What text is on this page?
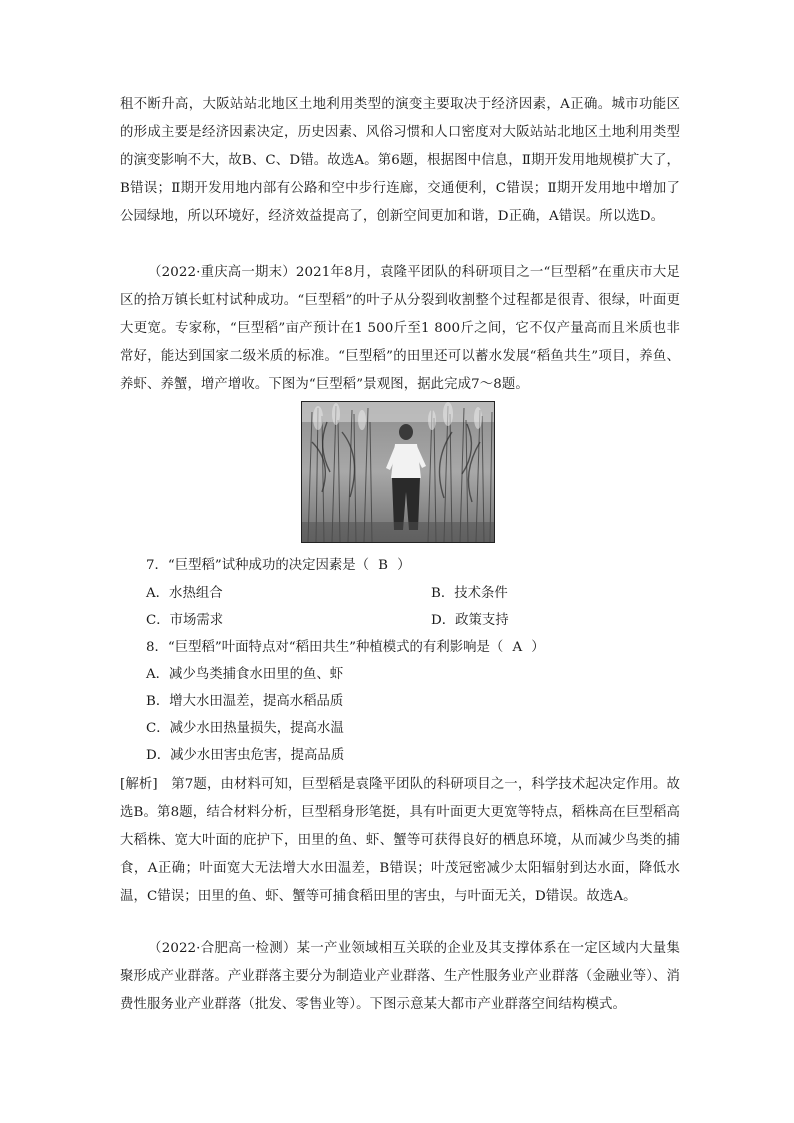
租不断升高，大阪站站北地区土地利用类型的演变主要取决于经济因素，A正确。城市功能区的形成主要是经济因素决定，历史因素、风俗习惯和人口密度对大阪站站北地区土地利用类型的演变影响不大，故B、C、D错。故选A。第6题，根据图中信息，Ⅱ期开发用地规模扩大了，B错误；Ⅱ期开发用地内部有公路和空中步行连廊，交通便利，C错误；Ⅱ期开发用地中增加了公园绿地，所以环境好，经济效益提高了，创新空间更加和谐，D正确，A错误。所以选D。

（2022·重庆高一期末）2021年8月，袁隆平团队的科研项目之一“巨型稻”在重庆市大足区的拾万镇长虹村试种成功。“巨型稻”的叶子从分裂到收割整个过程都是很青、很绿，叶面更大更宽。专家称，“巨型稻”亩产预计在1 500斤至1 800斤之间，它不仅产量高而且米质也非常好，能达到国家二级米质的标准。“巨型稻”的田里还可以蓄水发展“稻鱼共生”项目，养鱼、养虾、养蟹，增产增收。下图为“巨型稻”景观图，据此完成7～8题。

7．“巨型稻”试种成功的决定因素是（ B ）
A．水热组合	B．技术条件
C．市场需求	D．政策支持
8．“巨型稻”叶面特点对“稻田共生”种植模式的有利影响是（ A ）
A．减少鸟类捕食水田里的鱼、虾
B．增大水田温差，提高水稻品质
C．减少水田热量损失，提高水温
D．减少水田害虫危害，提高品质

[解析]　第7题，由材料可知，巨型稻是袁隆平团队的科研项目之一，科学技术起决定作用。故选B。第8题，结合材料分析，巨型稻身形笔挺，具有叶面更大更宽等特点，稻株高在巨型稻高大稻株、宽大叶面的庇护下，田里的鱼、虾、蟹等可获得良好的栖息环境，从而减少鸟类的捕食，A正确；叶面宽大无法增大水田温差，B错误；叶茂冠密减少太阳辐射到达水面，降低水温，C错误；田里的鱼、虾、蟹等可捕食稻田里的害虫，与叶面无关，D错误。故选A。

（2022·合肥高一检测）某一产业领域相互关联的企业及其支撑体系在一定区域内大量集聚形成产业群落。产业群落主要分为制造业产业群落、生产性服务业产业群落（金融业等）、消费性服务业产业群落（批发、零售业等）。下图示意某大都市产业群落空间结构模式。
